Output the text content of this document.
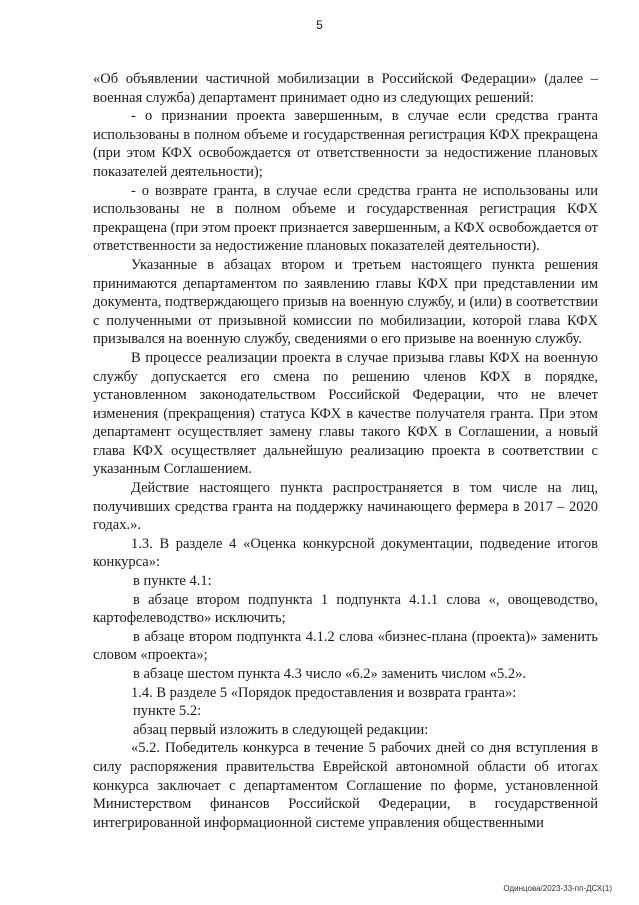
5

«Об объявлении частичной мобилизации в Российской Федерации» (далее – военная служба) департамент принимает одно из следующих решений:

- о признании проекта завершенным, в случае если средства гранта использованы в полном объеме и государственная регистрация КФХ прекращена (при этом КФХ освобождается от ответственности за недостижение плановых показателей деятельности);

- о возврате гранта, в случае если средства гранта не использованы или использованы не в полном объеме и государственная регистрация КФХ прекращена (при этом проект признается завершенным, а КФХ освобождается от ответственности за недостижение плановых показателей деятельности).

Указанные в абзацах втором и третьем настоящего пункта решения принимаются департаментом по заявлению главы КФХ при представлении им документа, подтверждающего призыв на военную службу, и (или) в соответствии с полученными от призывной комиссии по мобилизации, которой глава КФХ призывался на военную службу, сведениями о его призыве на военную службу.

В процессе реализации проекта в случае призыва главы КФХ на военную службу допускается его смена по решению членов КФХ в порядке, установленном законодательством Российской Федерации, что не влечет изменения (прекращения) статуса КФХ в качестве получателя гранта. При этом департамент осуществляет замену главы такого КФХ в Соглашении, а новый глава КФХ осуществляет дальнейшую реализацию проекта в соответствии с указанным Соглашением.

Действие настоящего пункта распространяется в том числе на лиц, получивших средства гранта на поддержку начинающего фермера в 2017 – 2020 годах.».

1.3. В разделе 4 «Оценка конкурсной документации, подведение итогов конкурса»:

в пункте 4.1:

в абзаце втором подпункта 1 подпункта 4.1.1 слова «, овощеводство, картофелеводство» исключить;

в абзаце втором подпункта 4.1.2 слова «бизнес-плана (проекта)» заменить словом «проекта»;

в абзаце шестом пункта 4.3 число «6.2» заменить числом «5.2».

1.4. В разделе 5 «Порядок предоставления и возврата гранта»:

пункте 5.2:

абзац первый изложить в следующей редакции:

«5.2. Победитель конкурса в течение 5 рабочих дней со дня вступления в силу распоряжения правительства Еврейской автономной области об итогах конкурса заключает с департаментом Соглашение по форме, установленной Министерством финансов Российской Федерации, в государственной интегрированной информационной системе управления общественными

Одинцова/2023-33-пп-ДСХ(1)
